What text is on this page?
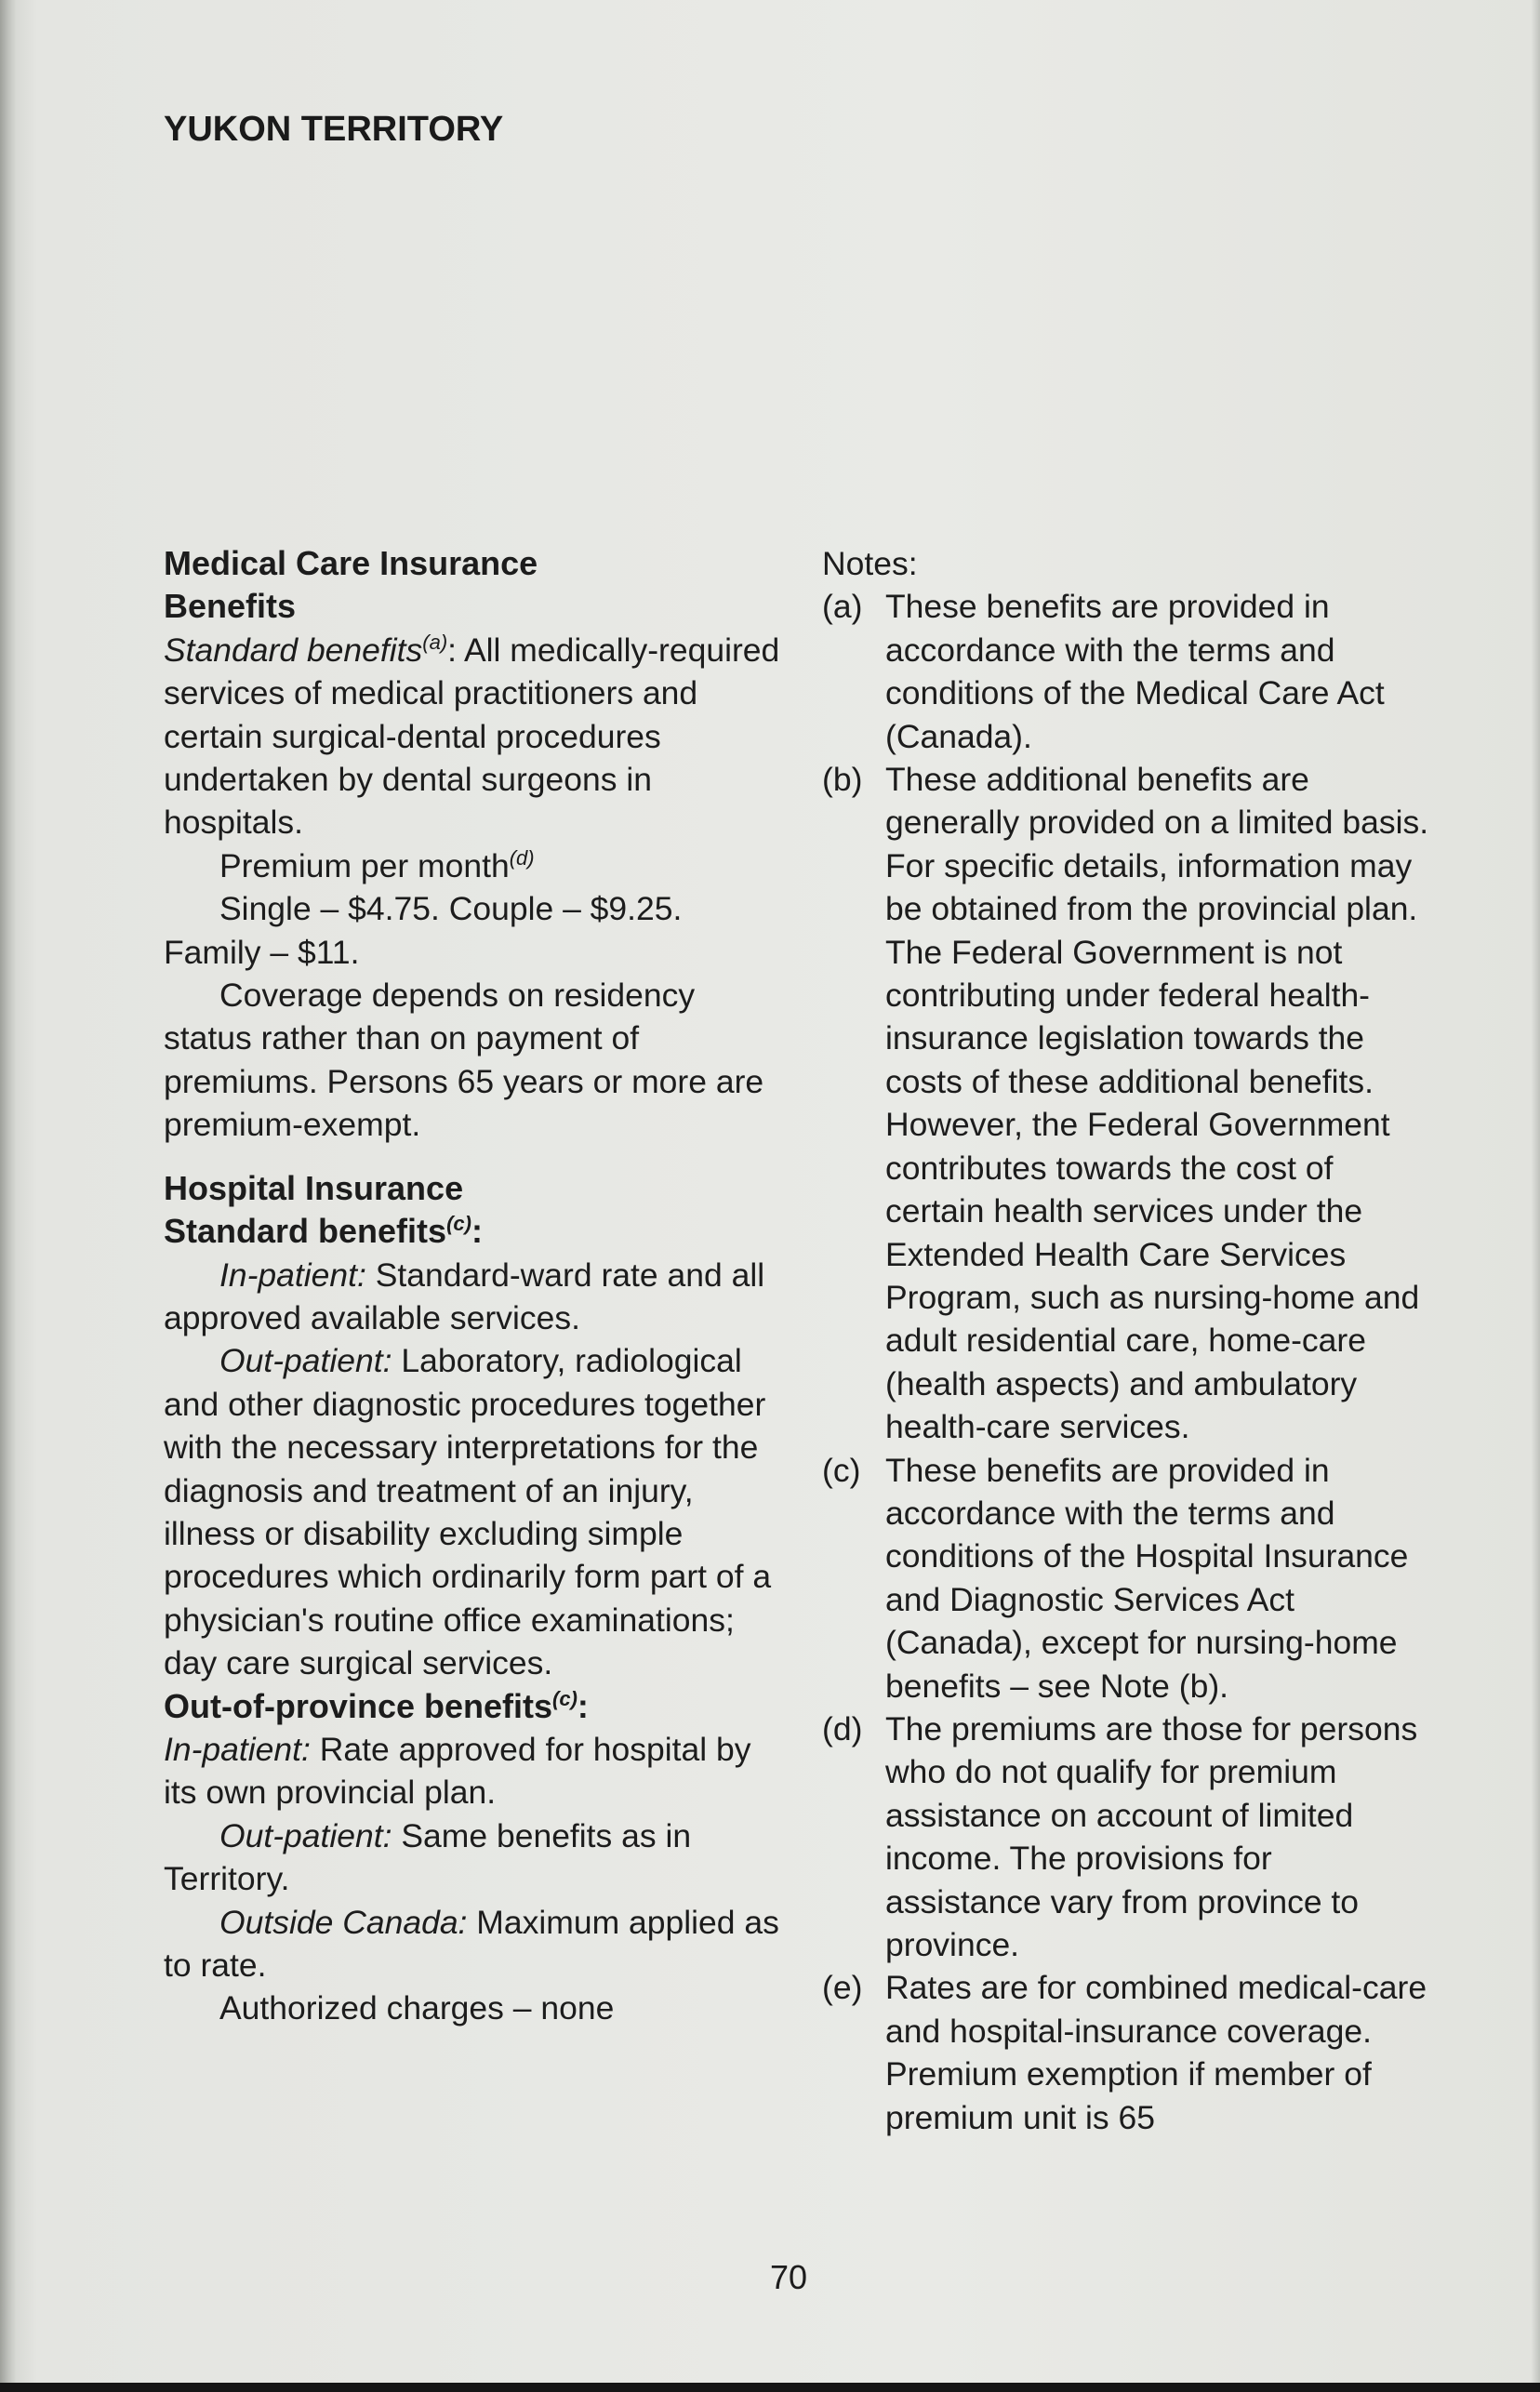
YUKON TERRITORY

Medical Care Insurance

Benefits

Standard benefits$^{(a)}$: All medically-required services of medical practitioners and certain surgical-dental procedures undertaken by dental surgeons in hospitals.

Premium per month$^{(d)}$

Single – $4.75. Couple – $9.25.

Family – $11.

Coverage depends on residency status rather than on payment of premiums. Persons 65 years or more are premium-exempt.

Hospital Insurance

Standard benefits$^{(c)}$:

In-patient: Standard-ward rate and all approved available services.

Out-patient: Laboratory, radiological and other diagnostic procedures together with the necessary interpretations for the diagnosis and treatment of an injury, illness or disability excluding simple procedures which ordinarily form part of a physician's routine office examinations; day care surgical services.

Out-of-province benefits$^{(c)}$:

In-patient: Rate approved for hospital by its own provincial plan.

Out-patient: Same benefits as in Territory.

Outside Canada: Maximum applied as to rate.

Authorized charges – none

Notes:

(a) These benefits are provided in accordance with the terms and conditions of the Medical Care Act (Canada).
(b) These additional benefits are generally provided on a limited basis. For specific details, information may be obtained from the provincial plan. The Federal Government is not contributing under federal health-insurance legislation towards the costs of these additional benefits. However, the Federal Government contributes towards the cost of certain health services under the Extended Health Care Services Program, such as nursing-home and adult residential care, home-care (health aspects) and ambulatory health-care services.
(c) These benefits are provided in accordance with the terms and conditions of the Hospital Insurance and Diagnostic Services Act (Canada), except for nursing-home benefits – see Note (b).
(d) The premiums are those for persons who do not qualify for premium assistance on account of limited income. The provisions for assistance vary from province to province.
(e) Rates are for combined medical-care and hospital-insurance coverage. Premium exemption if member of premium unit is 65
70
